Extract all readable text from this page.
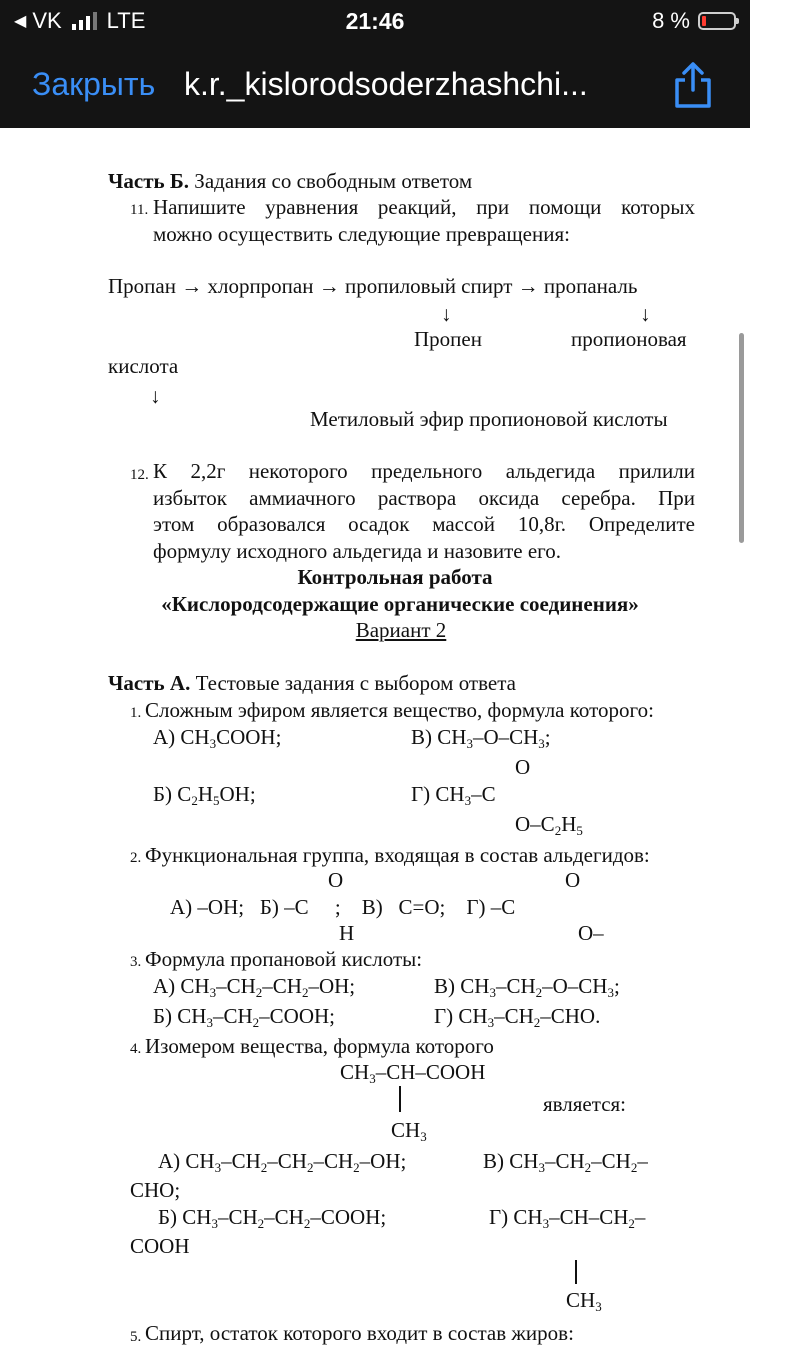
◀ VK LTE	21:46	8 %
Закрыть k.r._kislorodsoderzhashchi...
Часть Б. Задания со свободным ответом
11. Напишите уравнения реакций, при помощи которых
можно осуществить следующие превращения:
Пропан → хлорпропан → пропиловый спирт → пропаналь
↓	↓
Пропен	пропионовая
кислота
↓
Метиловый эфир пропионовой кислоты
12. К 2,2г некоторого предельного альдегида прилили
избыток аммиачного раствора оксида серебра. При
этом образовался осадок массой 10,8г. Определите
формулу исходного альдегида и назовите его.
Контрольная работа
«Кислородсодержащие органические соединения»
Вариант 2
Часть А. Тестовые задания с выбором ответа
1. Сложным эфиром является вещество, формула которого:
А) $CH_3COOH$;	В) $CH_3-O-CH_3$;
O
Б) $C_2H_5OH$;	Г) $CH_3-C$
$O-C_2H_5$
2. Функциональная группа, входящая в состав альдегидов:
O	O
А) –OH;   Б) –C     ;    В)   C=O;    Г) –C
H	O–
3. Формула пропановой кислоты:
А) $CH_3-CH_2-CH_2-OH$;	В) $CH_3-CH_2-O-CH_3$;
Б) $CH_3-CH_2$–COOH;	Г) $CH_3-CH_2$–CHO.
4. Изомером вещества, формула которого
$CH_3-CH$–COOH
является:
$CH_3$
А) $CH_3-CH_2-CH_2-CH_2-OH$;	В) $CH_3-CH_2-CH_2-$
CHO;
Б) $CH_3-CH_2-CH_2$–COOH;	Г) $CH_3-CH-CH_2-$
COOH
$CH_3$
5. Спирт, остаток которого входит в состав жиров:
